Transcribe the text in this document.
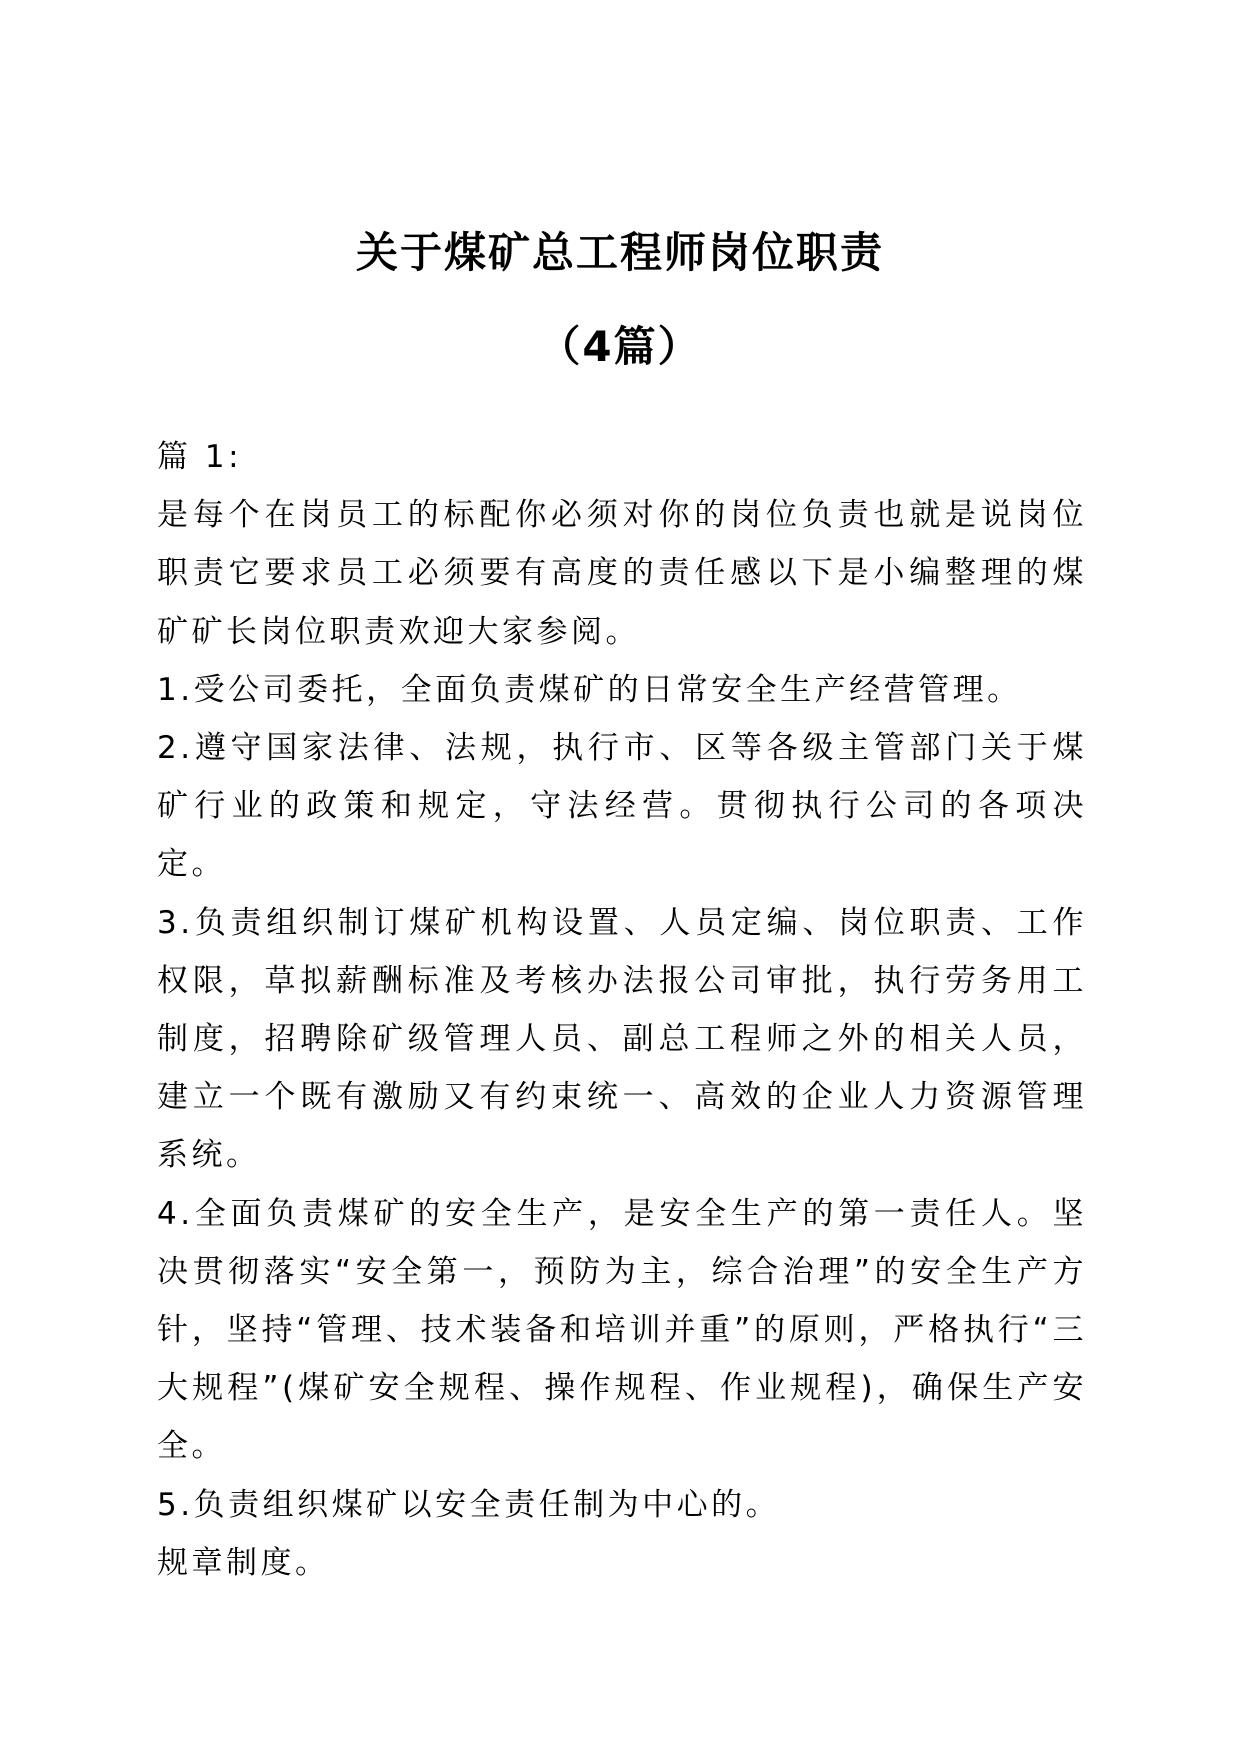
关于煤矿总工程师岗位职责
（4篇）

篇 1:

是每个在岗员工的标配你必须对你的岗位负责也就是说岗位职责它要求员工必须要有高度的责任感以下是小编整理的煤矿矿长岗位职责欢迎大家参阅。

1.受公司委托，全面负责煤矿的日常安全生产经营管理。

2.遵守国家法律、法规，执行市、区等各级主管部门关于煤矿行业的政策和规定，守法经营。贯彻执行公司的各项决定。

3.负责组织制订煤矿机构设置、人员定编、岗位职责、工作权限，草拟薪酬标准及考核办法报公司审批，执行劳务用工制度，招聘除矿级管理人员、副总工程师之外的相关人员，建立一个既有激励又有约束统一、高效的企业人力资源管理系统。

4.全面负责煤矿的安全生产，是安全生产的第一责任人。坚决贯彻落实“安全第一，预防为主，综合治理”的安全生产方针，坚持“管理、技术装备和培训并重”的原则，严格执行“三大规程”(煤矿安全规程、操作规程、作业规程)，确保生产安全。

5.负责组织煤矿以安全责任制为中心的。

规章制度。
